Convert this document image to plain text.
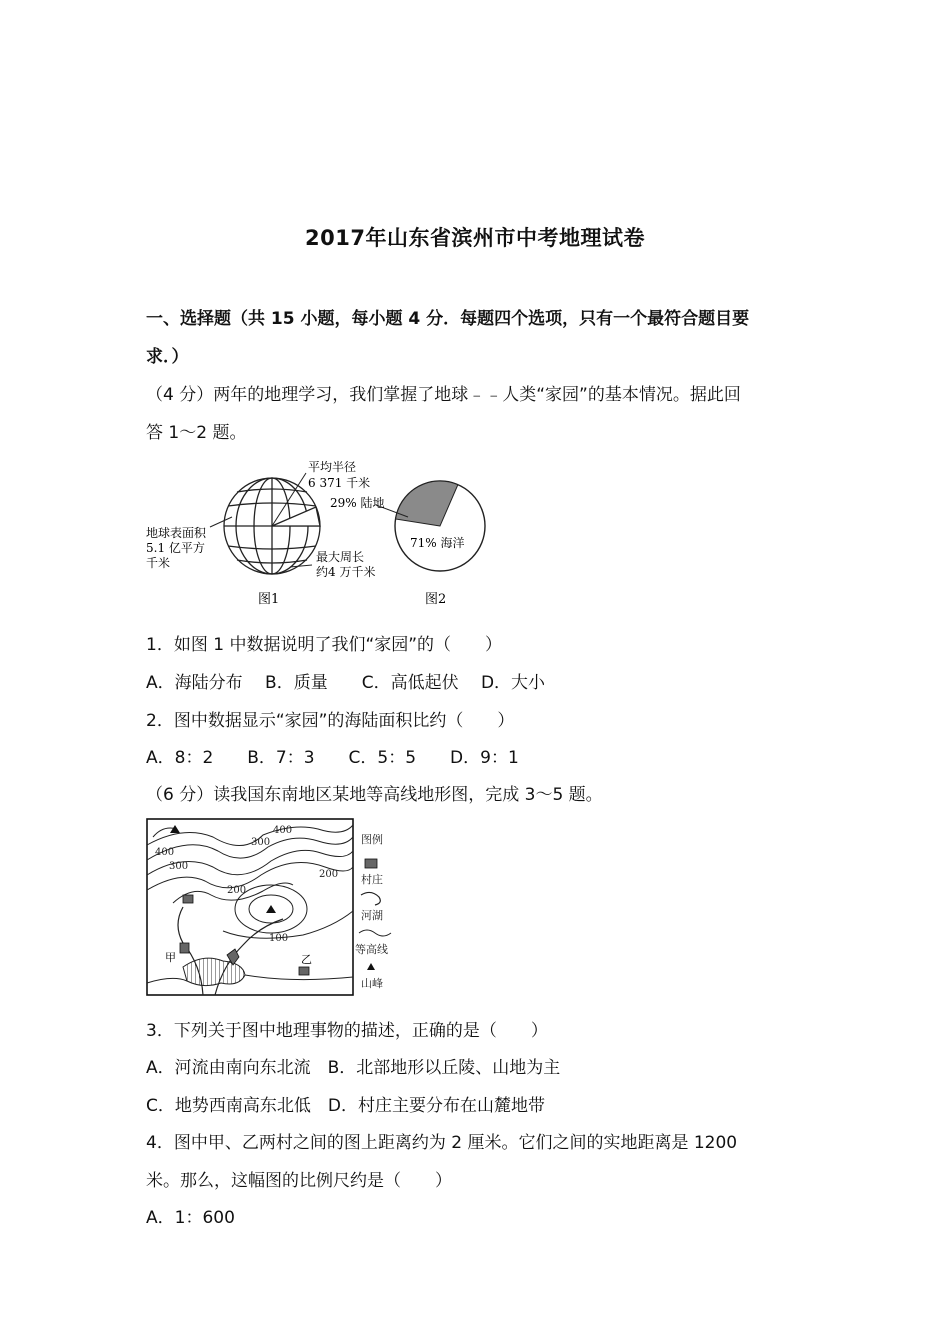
2017年山东省滨州市中考地理试卷
一、选择题（共 15 小题，每小题 4 分．每题四个选项，只有一个最符合题目要
求．）
（4 分）两年的地理学习，我们掌握了地球﹣﹣人类“家园”的基本情况。据此回
答 1～2 题。
平均半径
6 371 千米
地球表面积
5.1 亿平方
千米	最大周长
约4 万千米
29% 陆地
71% 海洋
图1	图2
1．如图 1 中数据说明了我们“家园”的（　　）
A．海陆分布　 B．质量　　C．高低起伏　 D．大小
2．图中数据显示“家园”的海陆面积比约（　　）
A．8：2　　B．7：3　　C．5：5　　D．9：1
（6 分）读我国东南地区某地等高线地形图，完成 3～5 题。
400
400
300
300
200
200
100
甲	乙
图例
村庄
河湖
等高线
山峰
3．下列关于图中地理事物的描述，正确的是（　　）
A．河流由南向东北流　B．北部地形以丘陵、山地为主
C．地势西南高东北低　D．村庄主要分布在山麓地带
4．图中甲、乙两村之间的图上距离约为 2 厘米。它们之间的实地距离是 1200
米。那么，这幅图的比例尺约是（　　）
A．1：600
